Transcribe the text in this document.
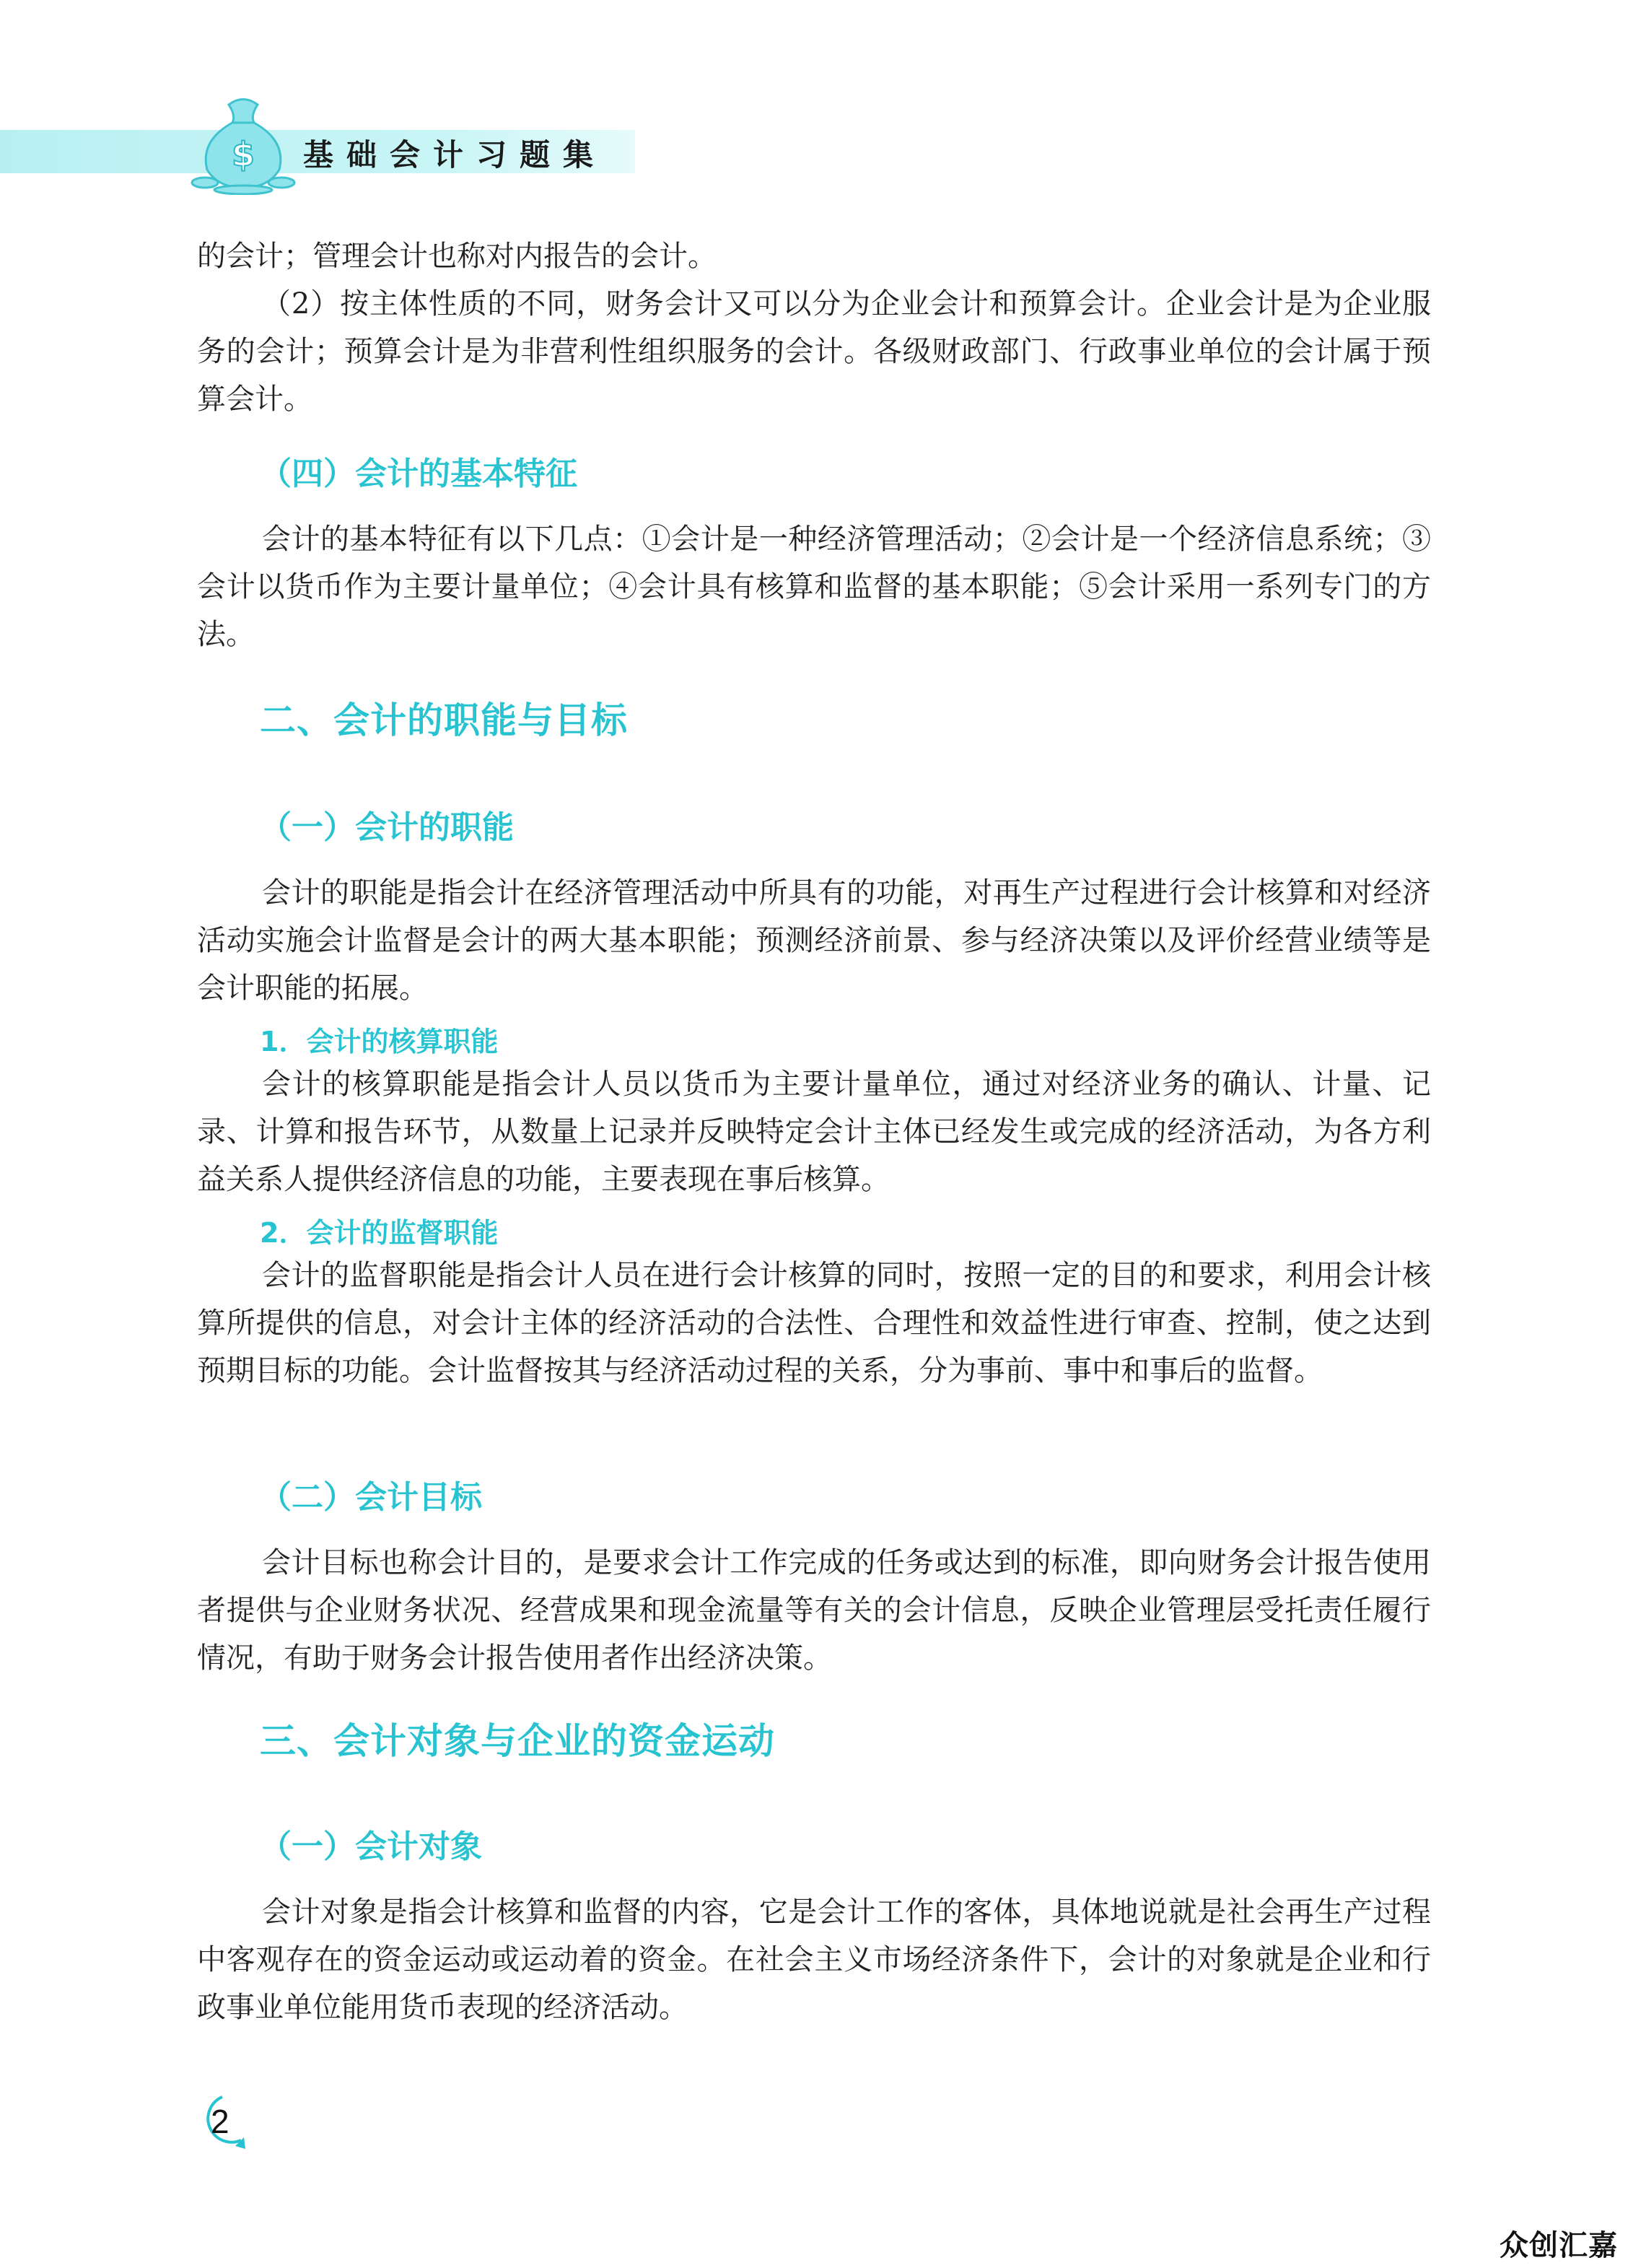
$ 基础会计习题集

的会计；管理会计也称对内报告的会计。

（2）按主体性质的不同，财务会计又可以分为企业会计和预算会计。企业会计是为企业服务的会计；预算会计是为非营利性组织服务的会计。各级财政部门、行政事业单位的会计属于预算会计。

（四）会计的基本特征

会计的基本特征有以下几点：①会计是一种经济管理活动；②会计是一个经济信息系统；③会计以货币作为主要计量单位；④会计具有核算和监督的基本职能；⑤会计采用一系列专门的方法。

二、会计的职能与目标
（一）会计的职能

会计的职能是指会计在经济管理活动中所具有的功能，对再生产过程进行会计核算和对经济活动实施会计监督是会计的两大基本职能；预测经济前景、参与经济决策以及评价经营业绩等是会计职能的拓展。

1．会计的核算职能

会计的核算职能是指会计人员以货币为主要计量单位，通过对经济业务的确认、计量、记录、计算和报告环节，从数量上记录并反映特定会计主体已经发生或完成的经济活动，为各方利益关系人提供经济信息的功能，主要表现在事后核算。

2．会计的监督职能

会计的监督职能是指会计人员在进行会计核算的同时，按照一定的目的和要求，利用会计核算所提供的信息，对会计主体的经济活动的合法性、合理性和效益性进行审查、控制，使之达到预期目标的功能。会计监督按其与经济活动过程的关系，分为事前、事中和事后的监督。

（二）会计目标

会计目标也称会计目的，是要求会计工作完成的任务或达到的标准，即向财务会计报告使用者提供与企业财务状况、经营成果和现金流量等有关的会计信息，反映企业管理层受托责任履行情况，有助于财务会计报告使用者作出经济决策。

三、会计对象与企业的资金运动
（一）会计对象

会计对象是指会计核算和监督的内容，它是会计工作的客体，具体地说就是社会再生产过程中客观存在的资金运动或运动着的资金。在社会主义市场经济条件下，会计的对象就是企业和行政事业单位能用货币表现的经济活动。

2
众创汇嘉
